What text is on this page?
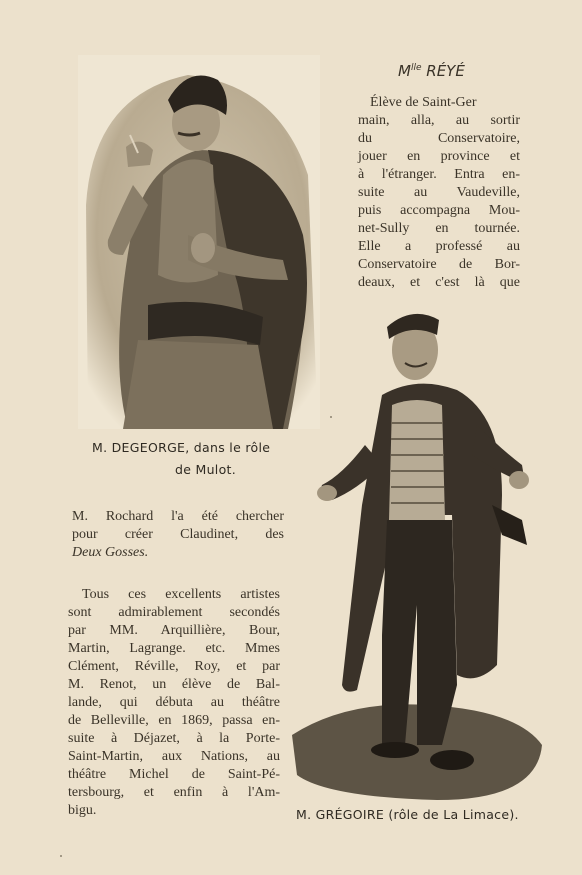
M. DEGEORGE, dans le rôle
de Mulot.
$M^{lle}$ RÉYÉ
Élève de Saint-Ger
main, alla, au sortir
du Conservatoire,
jouer en province et
à l'étranger. Entra en-
suite au Vaudeville,
puis accompagna Mou-
net-Sully en tournée.
Elle a professé au
Conservatoire de Bor-
deaux, et c'est là que
M. GRÉGOIRE (rôle de La Limace).
M. Rochard l'a été chercher
pour créer Claudinet, des
Deux Gosses.
Tous ces excellents artistes
sont admirablement secondés
par MM. Arquillière, Bour,
Martin, Lagrange. etc. Mmes
Clément, Réville, Roy, et par
M. Renot, un élève de Bal-
lande, qui débuta au théâtre
de Belleville, en 1869, passa en-
suite à Déjazet, à la Porte-
Saint-Martin, aux Nations, au
théâtre Michel de Saint-Pé-
tersbourg, et enfin à l'Am-
bigu.
